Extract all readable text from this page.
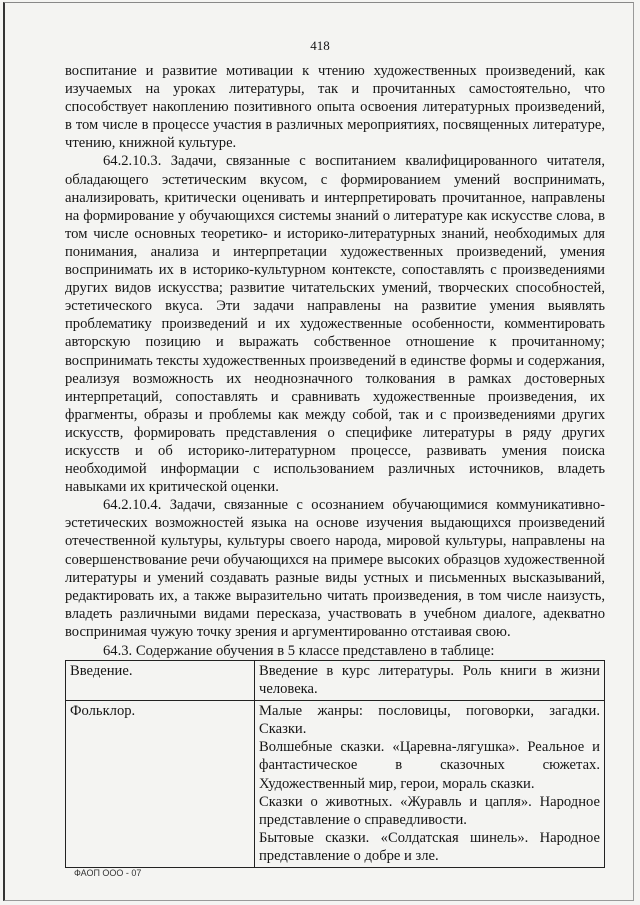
418

воспитание и развитие мотивации к чтению художественных произведений, как изучаемых на уроках литературы, так и прочитанных самостоятельно, что способствует накоплению позитивного опыта освоения литературных произведений, в том числе в процессе участия в различных мероприятиях, посвященных литературе, чтению, книжной культуре.

64.2.10.3. Задачи, связанные с воспитанием квалифицированного читателя, обладающего эстетическим вкусом, с формированием умений воспринимать, анализировать, критически оценивать и интерпретировать прочитанное, направлены на формирование у обучающихся системы знаний о литературе как искусстве слова, в том числе основных теоретико- и историко-литературных знаний, необходимых для понимания, анализа и интерпретации художественных произведений, умения воспринимать их в историко-культурном контексте, сопоставлять с произведениями других видов искусства; развитие читательских умений, творческих способностей, эстетического вкуса. Эти задачи направлены на развитие умения выявлять проблематику произведений и их художественные особенности, комментировать авторскую позицию и выражать собственное отношение к прочитанному; воспринимать тексты художественных произведений в единстве формы и содержания, реализуя возможность их неоднозначного толкования в рамках достоверных интерпретаций, сопоставлять и сравнивать художественные произведения, их фрагменты, образы и проблемы как между собой, так и с произведениями других искусств, формировать представления о специфике литературы в ряду других искусств и об историко-литературном процессе, развивать умения поиска необходимой информации с использованием различных источников, владеть навыками их критической оценки.

64.2.10.4. Задачи, связанные с осознанием обучающимися коммуникативно-эстетических возможностей языка на основе изучения выдающихся произведений отечественной культуры, культуры своего народа, мировой культуры, направлены на совершенствование речи обучающихся на примере высоких образцов художественной литературы и умений создавать разные виды устных и письменных высказываний, редактировать их, а также выразительно читать произведения, в том числе наизусть, владеть различными видами пересказа, участвовать в учебном диалоге, адекватно воспринимая чужую точку зрения и аргументированно отстаивая свою.

64.3. Содержание обучения в 5 классе представлено в таблице:
Введение.	Введение в курс литературы. Роль книги в жизни человека.

Фольклор.	Малые жанры: пословицы, поговорки, загадки. Сказки.

Волшебные сказки. «Царевна-лягушка». Реальное и фантастическое в сказочных сюжетах. Художественный мир, герои, мораль сказки.

Сказки о животных. «Журавль и цапля». Народное представление о справедливости.

Бытовые сказки. «Солдатская шинель». Народное представление о добре и зле.

ФАОП ООО - 07
